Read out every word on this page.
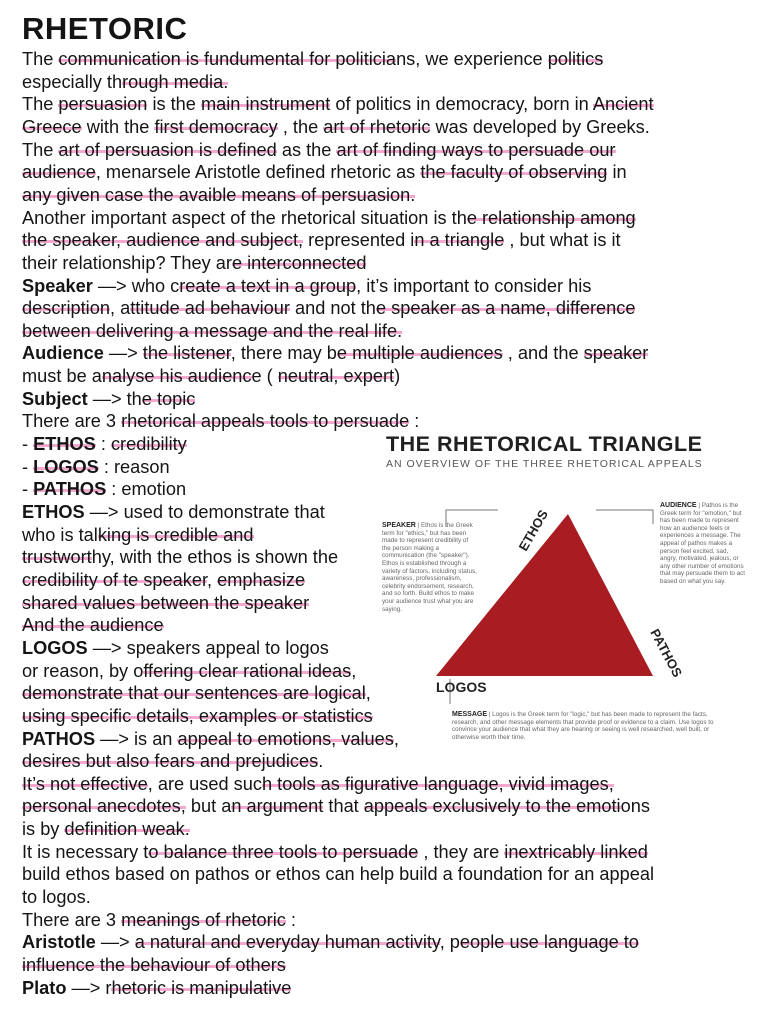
RHETORIC
The communication is fundumental for politicians, we experience politics
especially through media.
The persuasion is the main instrument of politics in democracy, born in Ancient
Greece with the first democracy , the art of rhetoric was developed by Greeks.
The art of persuasion is defined as the art of finding ways to persuade our
audience, menarsele Aristotle defined rhetoric as the faculty of observing in
any given case the avaible means of persuasion.
Another important aspect of the rhetorical situation is the relationship among
the speaker, audience and subject, represented in a triangle , but what is it
their relationship? They are interconnected
Speaker —> who create a text in a group, it’s important to consider his
description, attitude ad behaviour and not the speaker as a name, difference
between delivering a message and the real life.
Audience —> the listener, there may be multiple audiences , and the speaker
must be analyse his audience ( neutral, expert)
Subject —> the topic
There are 3 rhetorical appeals tools to persuade :
- ETHOS : credibility
- LOGOS : reason
- PATHOS : emotion
ETHOS —> used to demonstrate that
who is talking is credible and
trustworthy, with the ethos is shown the
credibility of te speaker, emphasize
shared values between the speaker
And the audience
LOGOS —> speakers appeal to logos
or reason, by offering clear rational ideas,
demonstrate that our sentences are logical,
using specific details, examples or statistics
PATHOS —> is an appeal to emotions, values,
desires but also fears and prejudices.
It’s not effective, are used such tools as figurative language, vivid images,
personal anecdotes, but an argument that appeals exclusively to the emotions
is by definition weak.
It is necessary to balance three tools to persuade , they are inextricably linked
build ethos based on pathos or ethos can help build a foundation for an appeal
to logos.
There are 3 meanings of rhetoric :
Aristotle —> a natural and everyday human activity, people use language to
influence the behaviour of others
Plato —> rhetoric is manipulative
THE RHETORICAL TRIANGLE
AN OVERVIEW OF THE THREE RHETORICAL APPEALS
ETHOS
PATHOS
LOGOS
SPEAKER | Ethos is the Greek term for "ethics," but has been made to represent credibility of the person making a communication (the "speaker"). Ethos is established through a variety of factors, including status, awareness, professionalism, celebrity endorsement, research, and so forth. Build ethos to make your audience trust what you are saying.
AUDIENCE | Pathos is the Greek term for "emotion," but has been made to represent how an audience feels or experiences a message. The appeal of pathos makes a person feel excited, sad, angry, motivated, jealous, or any other number of emotions that may persuade them to act based on what you say.
MESSAGE | Logos is the Greek term for "logic," but has been made to represent the facts, research, and other message elements that provide proof or evidence to a claim. Use logos to convince your audience that what they are hearing or seeing is well researched, well built, or otherwise worth their time.
